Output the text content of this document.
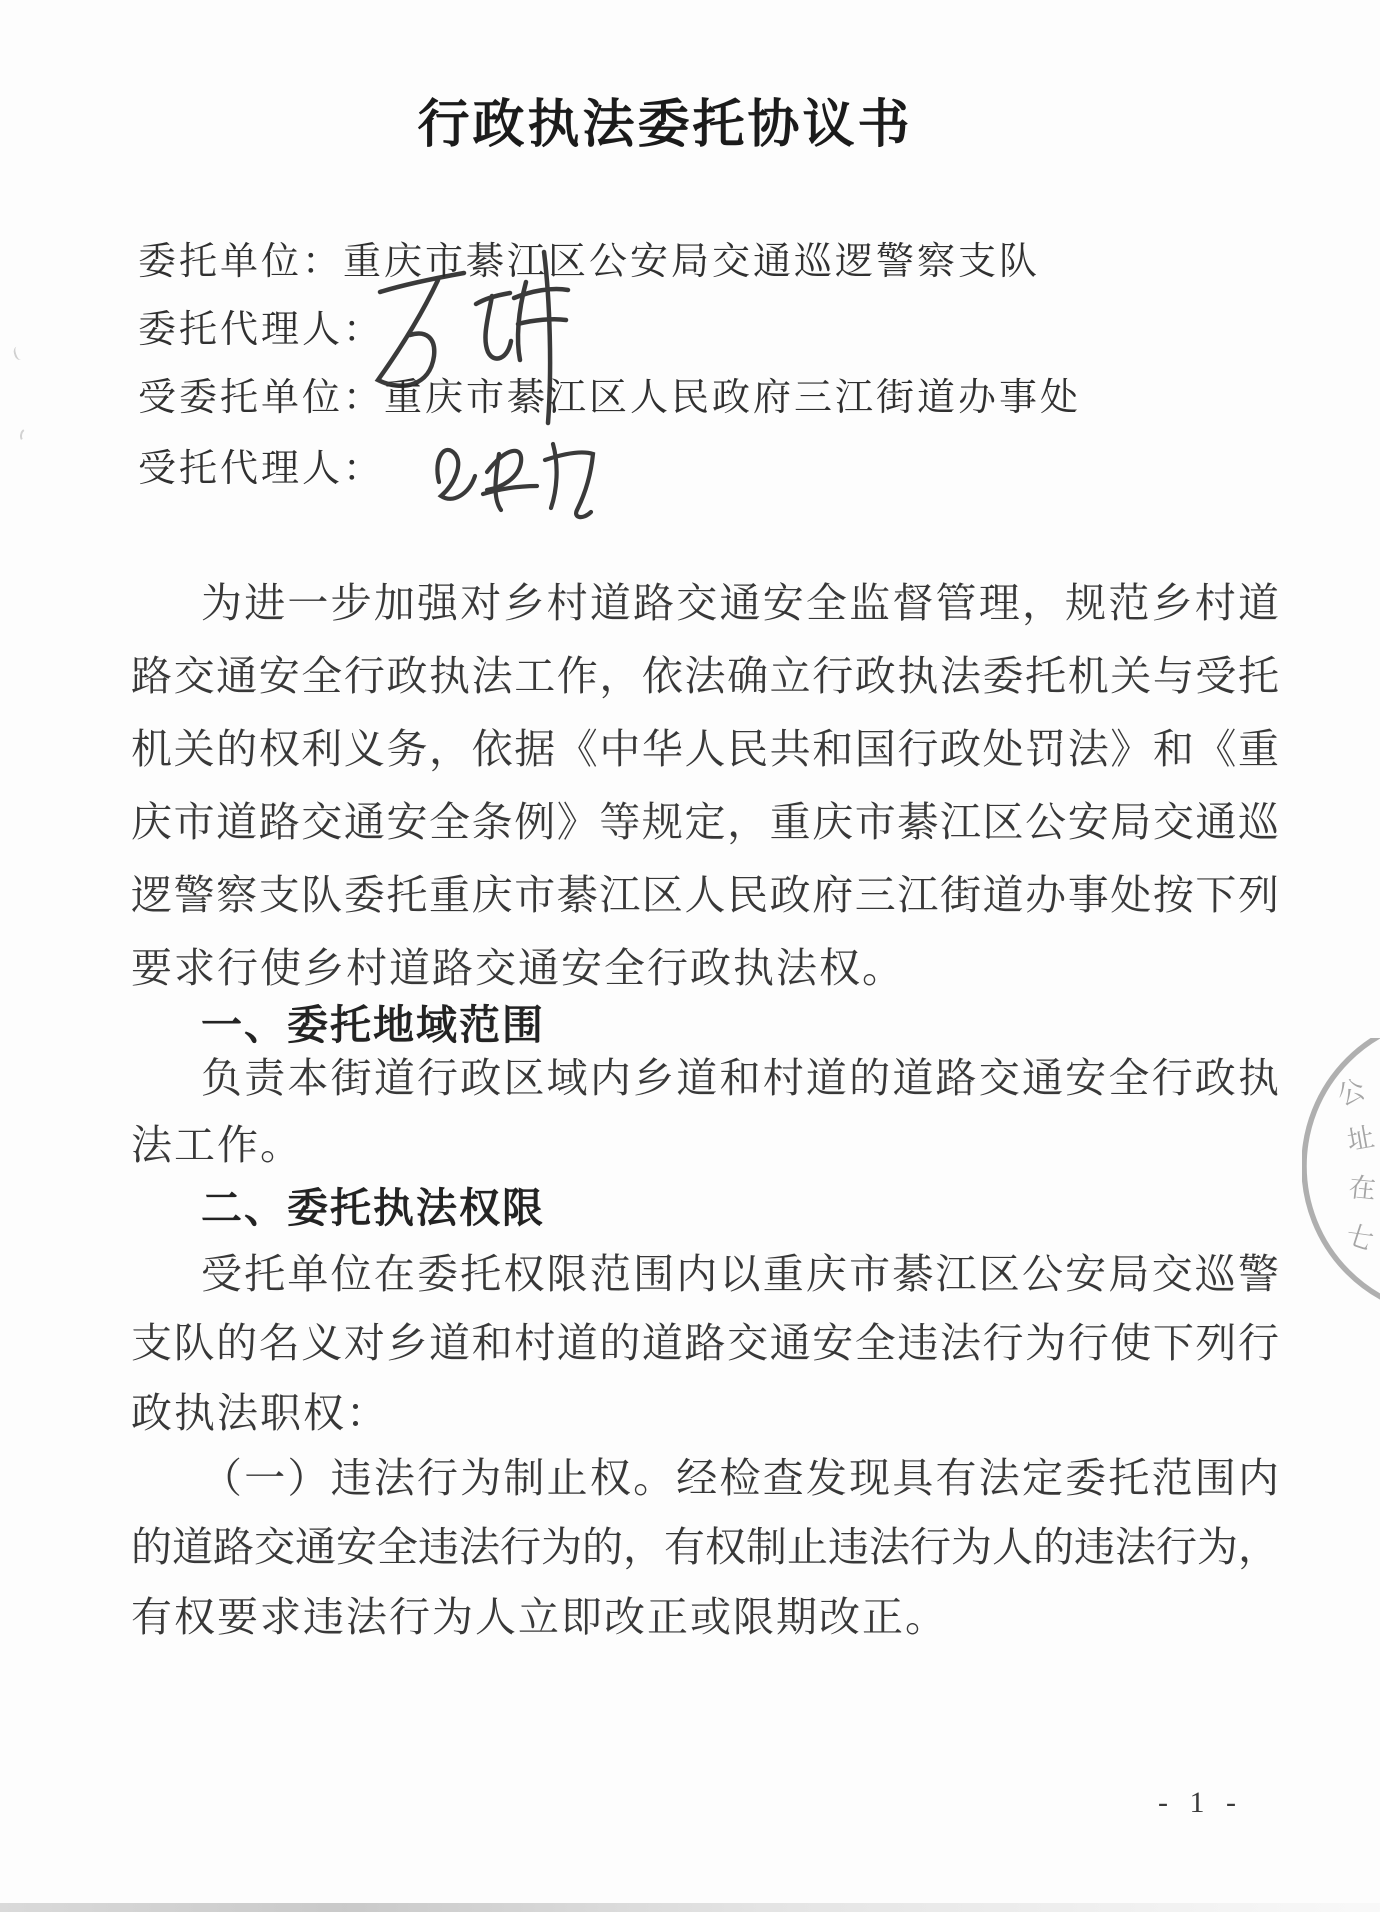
行政执法委托协议书
委托单位：重庆市綦江区公安局交通巡逻警察支队
委托代理人：
受委托单位：重庆市綦江区人民政府三江街道办事处
受托代理人：
为进一步加强对乡村道路交通安全监督管理，规范乡村道
路交通安全行政执法工作，依法确立行政执法委托机关与受托
机关的权利义务，依据《中华人民共和国行政处罚法》和《重
庆市道路交通安全条例》等规定，重庆市綦江区公安局交通巡
逻警察支队委托重庆市綦江区人民政府三江街道办事处按下列
要求行使乡村道路交通安全行政执法权。
一、委托地域范围
负责本街道行政区域内乡道和村道的道路交通安全行政执
法工作。
二、委托执法权限
受托单位在委托权限范围内以重庆市綦江区公安局交巡警
支队的名义对乡道和村道的道路交通安全违法行为行使下列行
政执法职权：
（一）违法行为制止权。经检查发现具有法定委托范围内
的道路交通安全违法行为的，有权制止违法行为人的违法行为，
有权要求违法行为人立即改正或限期改正。
- 1 -
公
址
在
七
